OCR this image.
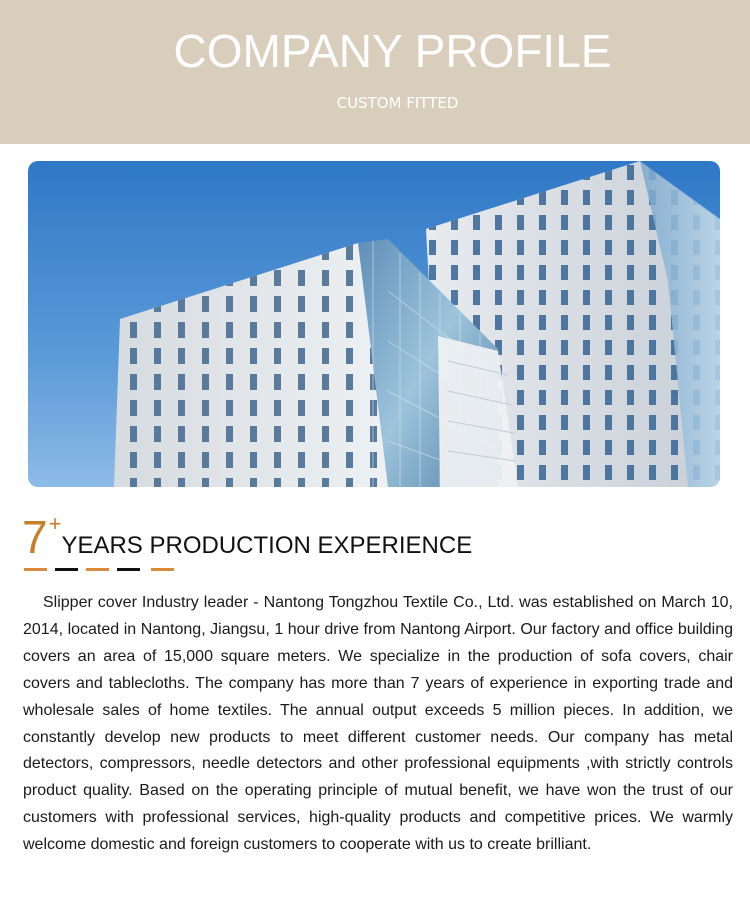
COMPANY PROFILE
CUSTOM FITTED
7+YEARS PRODUCTION EXPERIENCE
Slipper cover Industry leader - Nantong Tongzhou Textile Co., Ltd. was established on March 10, 2014, located in Nantong, Jiangsu, 1 hour drive from Nantong Airport. Our factory and office building covers an area of 15,000 square meters. We specialize in the production of sofa covers, chair covers and tablecloths. The company has more than 7 years of experience in exporting trade and wholesale sales of home textiles. The annual output exceeds 5 million pieces. In addition, we constantly develop new products to meet different customer needs. Our company has metal detectors, compressors, needle detectors and other professional equipments ,with strictly controls product quality. Based on the operating principle of mutual benefit, we have won the trust of our customers with professional services, high-quality products and competitive prices. We warmly welcome domestic and foreign customers to cooperate with us to create brilliant.
